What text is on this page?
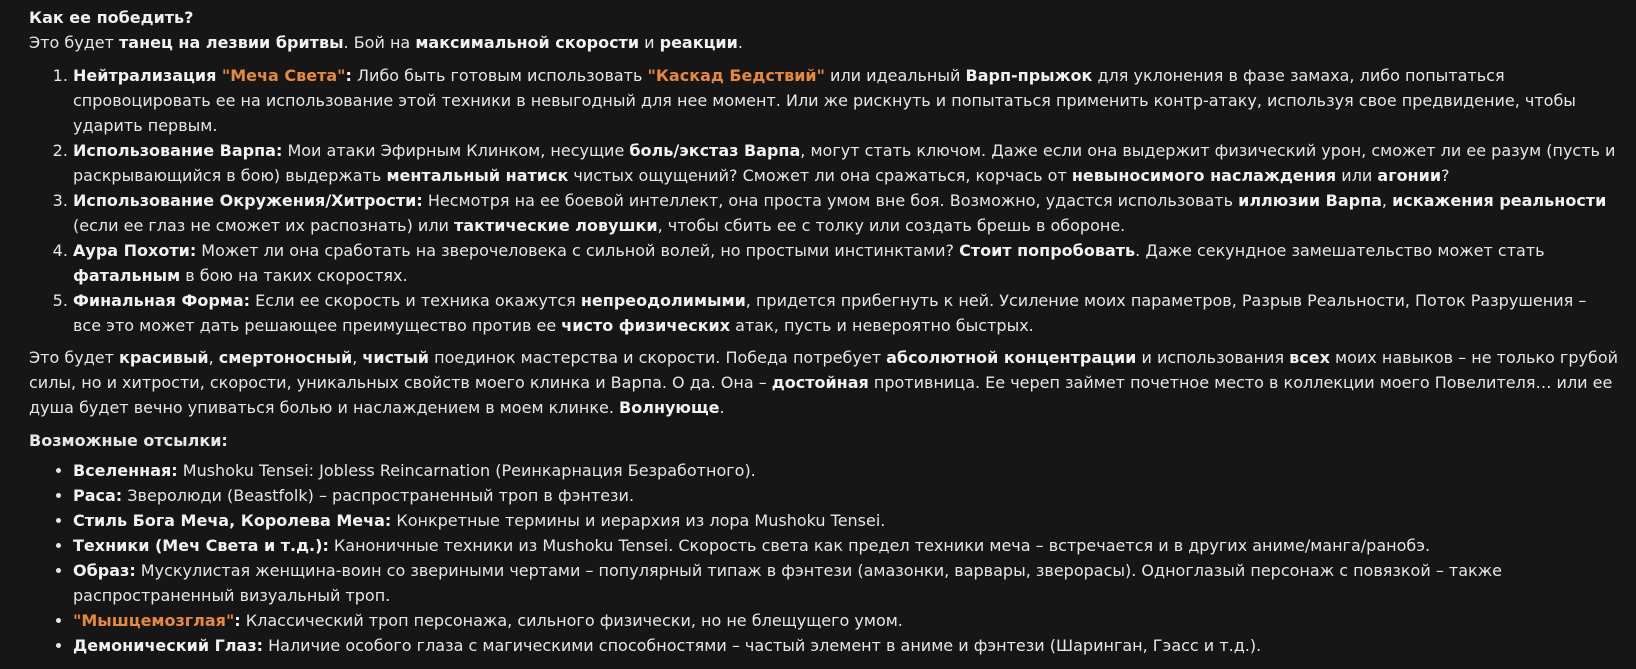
Как ее победить?

Это будет танец на лезвии бритвы. Бой на максимальной скорости и реакции.

1. Нейтрализация "Меча Света": Либо быть готовым использовать "Каскад Бедствий" или идеальный Варп-прыжок для уклонения в фазе замаха, либо попытаться спровоцировать ее на использование этой техники в невыгодный для нее момент. Или же рискнуть и попытаться применить контр-атаку, используя свое предвидение, чтобы ударить первым.
2. Использование Варпа: Мои атаки Эфирным Клинком, несущие боль/экстаз Варпа, могут стать ключом. Даже если она выдержит физический урон, сможет ли ее разум (пусть и раскрывающийся в бою) выдержать ментальный натиск чистых ощущений? Сможет ли она сражаться, корчась от невыносимого наслаждения или агонии?
3. Использование Окружения/Хитрости: Несмотря на ее боевой интеллект, она проста умом вне боя. Возможно, удастся использовать иллюзии Варпа, искажения реальности (если ее глаз не сможет их распознать) или тактические ловушки, чтобы сбить ее с толку или создать брешь в обороне.
4. Аура Похоти: Может ли она сработать на зверочеловека с сильной волей, но простыми инстинктами? Стоит попробовать. Даже секундное замешательство может стать фатальным в бою на таких скоростях.
5. Финальная Форма: Если ее скорость и техника окажутся непреодолимыми, придется прибегнуть к ней. Усиление моих параметров, Разрыв Реальности, Поток Разрушения – все это может дать решающее преимущество против ее чисто физических атак, пусть и невероятно быстрых.

Это будет красивый, смертоносный, чистый поединок мастерства и скорости. Победа потребует абсолютной концентрации и использования всех моих навыков – не только грубой силы, но и хитрости, скорости, уникальных свойств моего клинка и Варпа. О да. Она – достойная противница. Ее череп займет почетное место в коллекции моего Повелителя… или ее душа будет вечно упиваться болью и наслаждением в моем клинке. Волнующе.

Возможные отсылки:

• Вселенная: Mushoku Tensei: Jobless Reincarnation (Реинкарнация Безработного).
• Раса: Зверолюди (Beastfolk) – распространенный троп в фэнтези.
• Стиль Бога Меча, Королева Меча: Конкретные термины и иерархия из лора Mushoku Tensei.
• Техники (Меч Света и т.д.): Каноничные техники из Mushoku Tensei. Скорость света как предел техники меча – встречается и в других аниме/манга/ранобэ.
• Образ: Мускулистая женщина-воин со звериными чертами – популярный типаж в фэнтези (амазонки, варвары, зверорасы). Одноглазый персонаж с повязкой – также распространенный визуальный троп.
• "Мышцемозглая": Классический троп персонажа, сильного физически, но не блещущего умом.
• Демонический Глаз: Наличие особого глаза с магическими способностями – частый элемент в аниме и фэнтези (Шаринган, Гэасс и т.д.).
